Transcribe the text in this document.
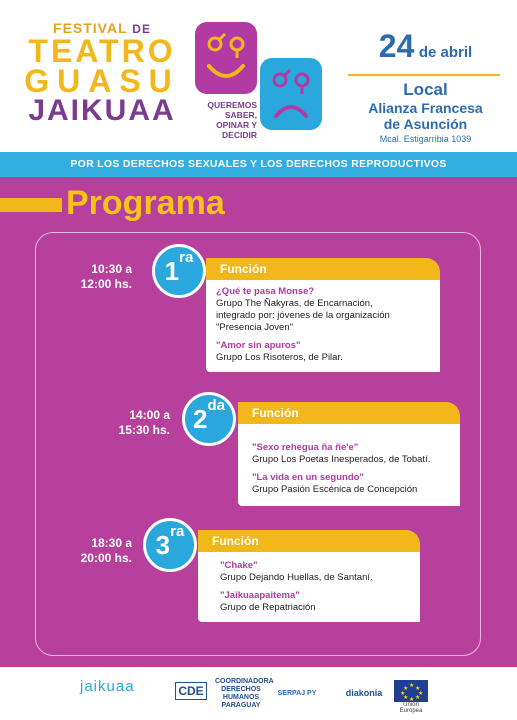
FESTIVAL DE
TEATRO
GUASU
JAIKUAA	QUEREMOS
SABER,
OPINAR Y
DECIDIR
24 de abril
Local
Alianza Francesa
de Asunción
Mcal. Estigarribia 1039
POR LOS DERECHOS SEXUALES Y LOS DERECHOS REPRODUCTIVOS
Programa
10:30 a
12:00 hs.	$1^{ra}$
Función
¿Qué te pasa Monse?
Grupo The Ñakyras, de Encarnación,
integrado por: jóvenes de la organización
"Presencia Joven"
"Amor sin apuros"
Grupo Los Risoteros, de Pilar.
14:00 a
15:30 hs. $2^{da}$	Función
"Sexo rehegua ña ñe'e"
Grupo Los Poetas Inesperados, de Tobatí.
"La vida en un segundo"
Grupo Pasión Escénica de Concepción
18:30 a
20:00 hs. $3^{ra}$
Función
"Chake"
Grupo Dejando Huellas, de Santaní.
"Jaikuaapaitema"
Grupo de Repatriación
jaikuaa	CDE
COORDINADORA
DERECHOS
HUMANOS
PARAGUAY
SERPAJ PY	diakonia
★
★ ★
★ ★
★ ★
★
Unión Europea
